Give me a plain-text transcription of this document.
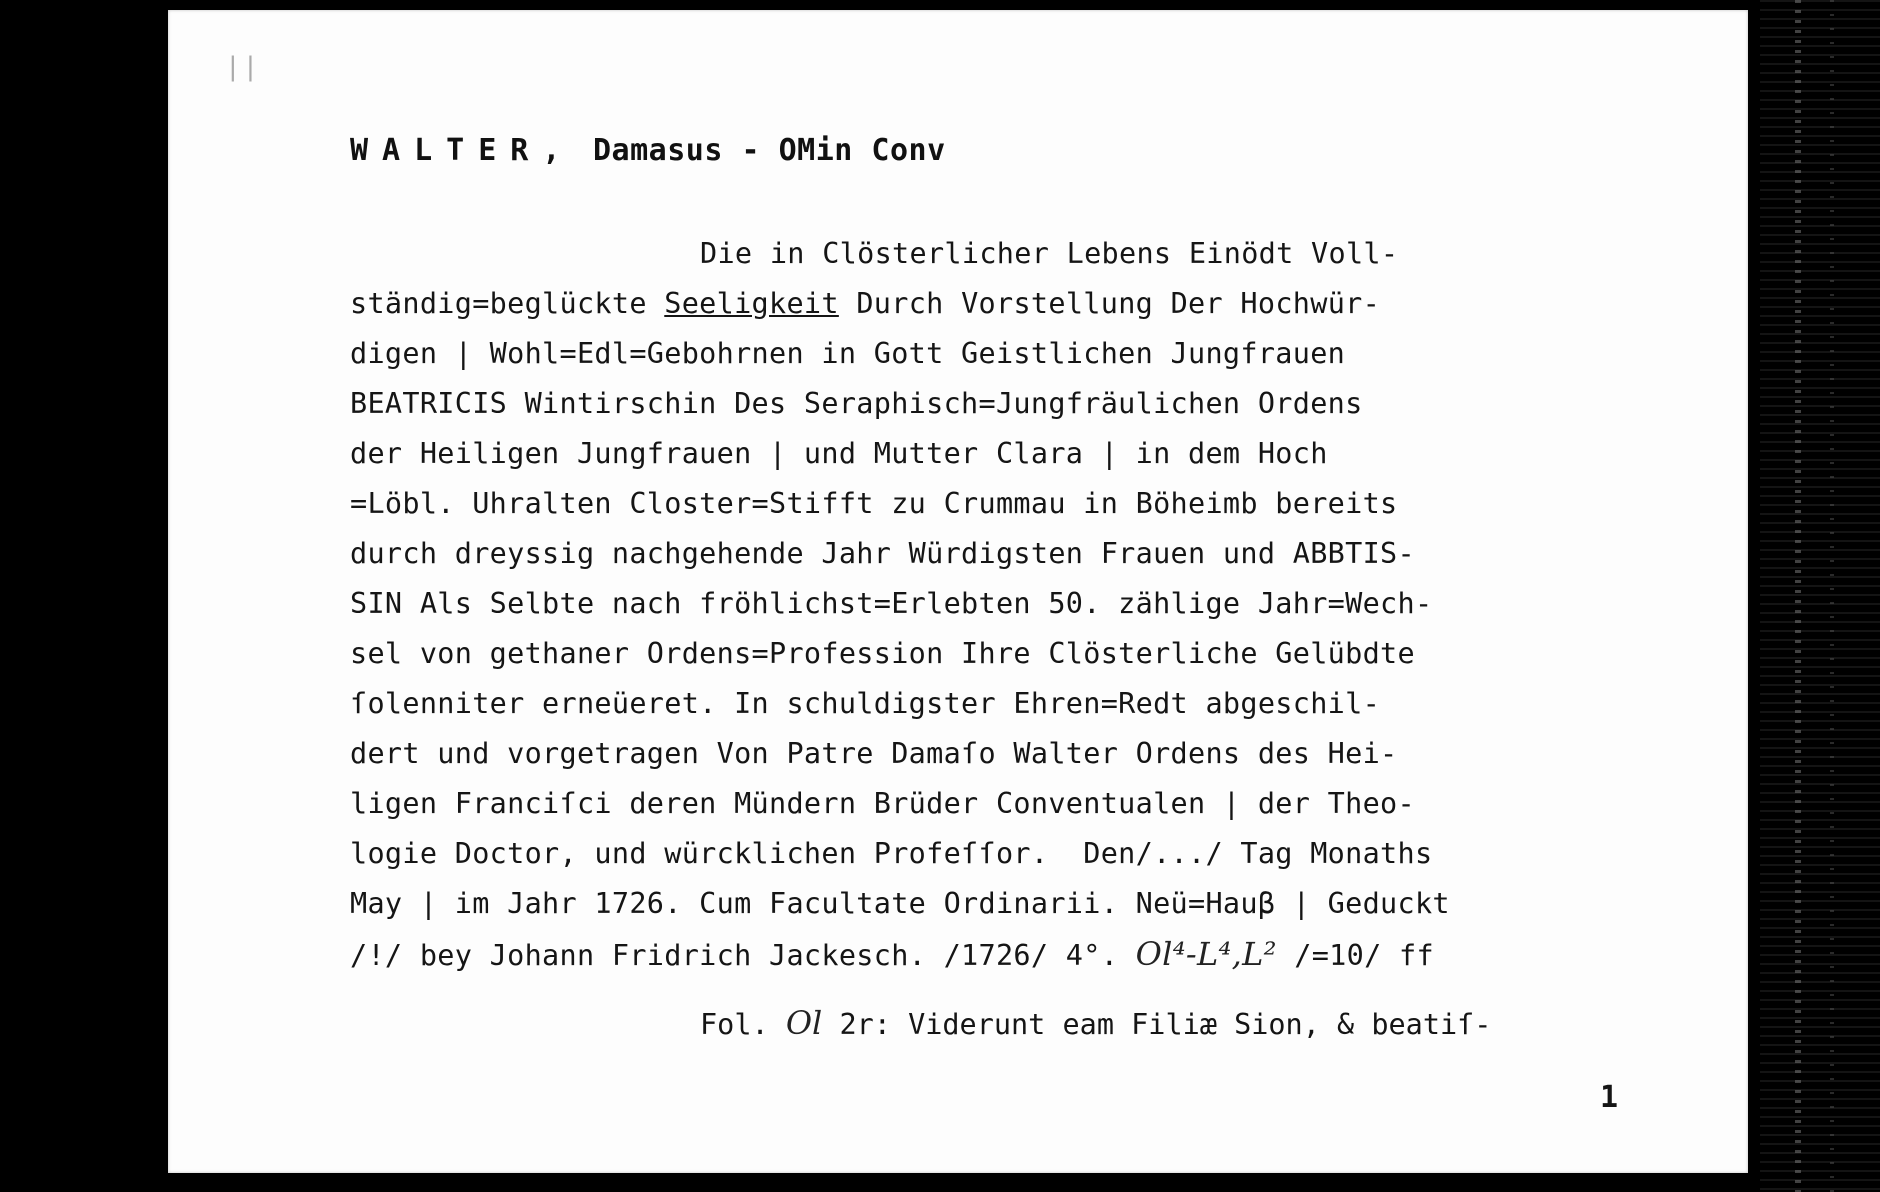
||
WALTER, Damasus - OMin Conv
Die in Clösterlicher Lebens Einödt Voll-
ständig=beglückte Seeligkeit Durch Vorstellung Der Hochwür-
digen | Wohl=Edl=Gebohrnen in Gott Geistlichen Jungfrauen
BEATRICIS Wintirschin Des Seraphisch=Jungfräulichen Ordens
der Heiligen Jungfrauen | und Mutter Clara | in dem Hoch
=Löbl. Uhralten Closter=Stifft zu Crummau in Böheimb bereits
durch dreyssig nachgehende Jahr Würdigsten Frauen und ABBTIS-
SIN Als Selbte nach fröhlichst=Erlebten 50. zählige Jahr=Wech-
sel von gethaner Ordens=Profession Ihre Clösterliche Gelübdte
ſolenniter erneüeret. In schuldigster Ehren=Redt abgeschil-
dert und vorgetragen Von Patre Damaſo Walter Ordens des Hei-
ligen Franciſci deren Mündern Brüder Conventualen | der Theo-
logie Doctor, und würcklichen Profeſſor.  Den/.../ Tag Monaths
May | im Jahr 1726. Cum Facultate Ordinarii. Neü=Hauβ | Geduckt
/!/ bey Johann Fridrich Jackesch. /1726/ 4°. Ol⁴-L⁴,L² /=10/ ff
Fol. Ol 2r: Viderunt eam Filiæ Sion, & beatiſ-
1
